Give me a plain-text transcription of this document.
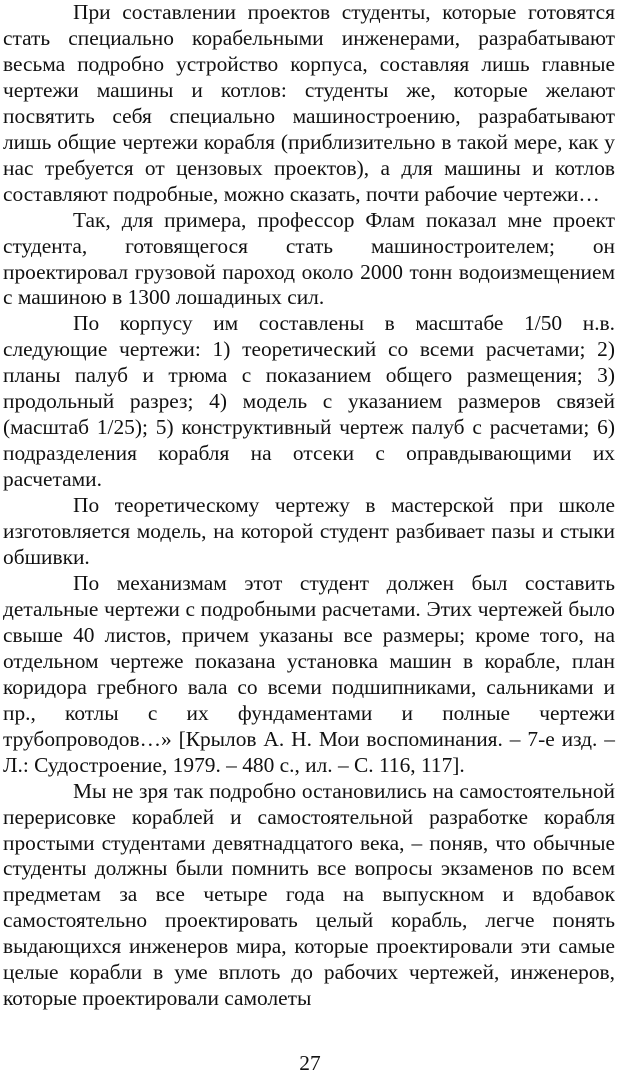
При составлении проектов студенты, которые готовятся стать специально корабельными инженерами, разрабатывают весьма подробно устройство корпуса, составляя лишь главные чертежи машины и котлов: студенты же, которые желают посвятить себя специально машиностроению, разрабатывают лишь общие чертежи корабля (приблизительно в такой мере, как у нас требуется от цензовых проектов), а для машины и котлов составляют подробные, можно сказать, почти рабочие чертежи…

Так, для примера, профессор Флам показал мне проект студента, готовящегося стать машиностроителем; он проектировал грузовой пароход около 2000 тонн водоизмещением с машиною в 1300 лошадиных сил.

По корпусу им составлены в масштабе 1/50 н.в. следующие чертежи: 1) теоретический со всеми расчетами; 2) планы палуб и трюма с показанием общего размещения; 3) продольный разрез; 4) модель с указанием размеров связей (масштаб 1/25); 5) конструктивный чертеж палуб с расчетами; 6) подразделения корабля на отсеки с оправдывающими их расчетами.

По теоретическому чертежу в мастерской при школе изготовляется модель, на которой студент разбивает пазы и стыки обшивки.

По механизмам этот студент должен был составить детальные чертежи с подробными расчетами. Этих чертежей было свыше 40 листов, причем указаны все размеры; кроме того, на отдельном чертеже показана установка машин в корабле, план коридора гребного вала со всеми подшипниками, сальниками и пр., котлы с их фундаментами и полные чертежи трубопроводов…» [Крылов А. Н. Мои воспоминания. – 7-е изд. – Л.: Судостроение, 1979. – 480 с., ил. – С. 116, 117].

Мы не зря так подробно остановились на самостоятельной перерисовке кораблей и самостоятельной разработке корабля простыми студентами девятнадцатого века, – поняв, что обычные студенты должны были помнить все вопросы экзаменов по всем предметам за все четыре года на выпускном и вдобавок самостоятельно проектировать целый корабль, легче понять выдающихся инженеров мира, которые проектировали эти самые целые корабли в уме вплоть до рабочих чертежей, инженеров, которые проектировали самолеты

27
